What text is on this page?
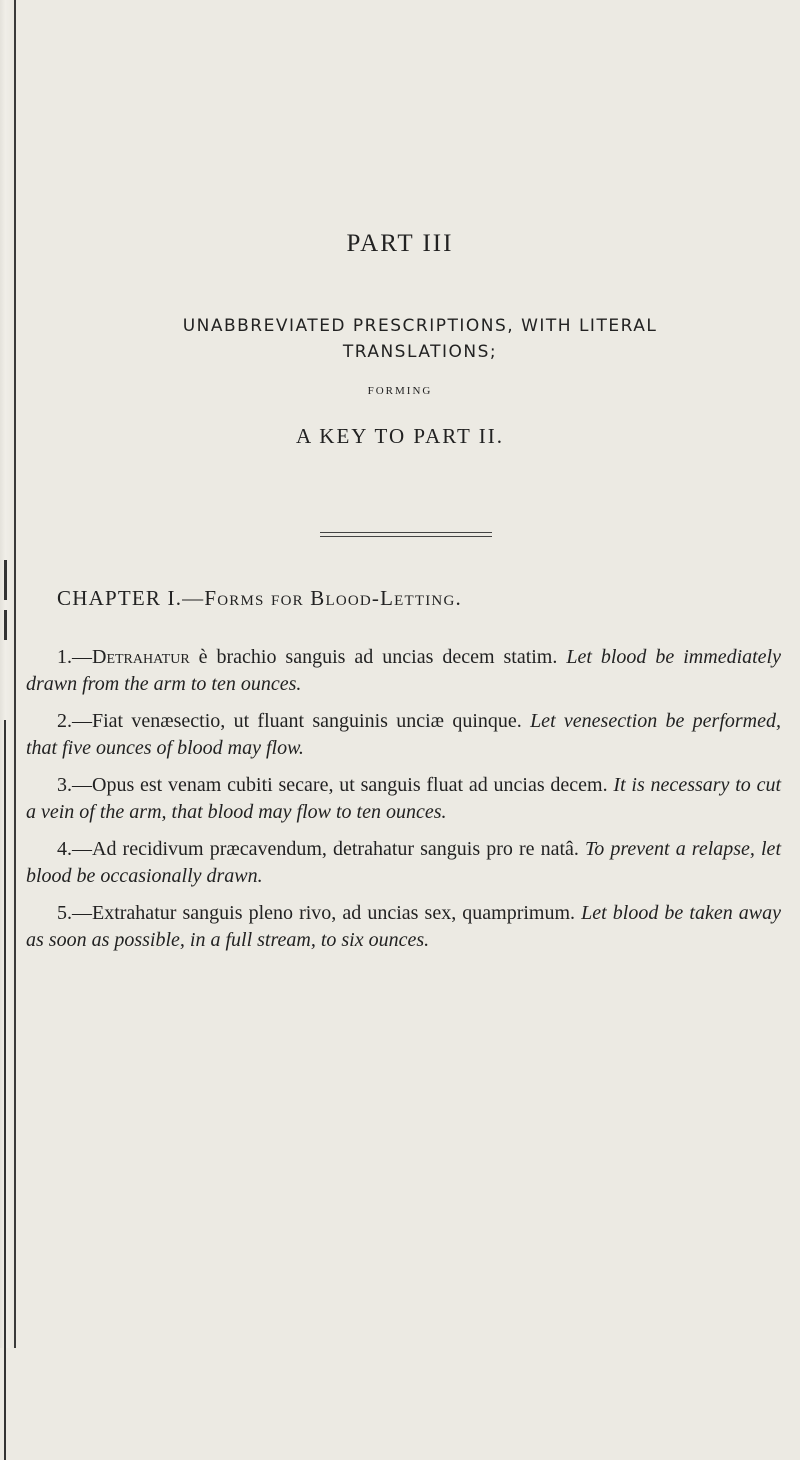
PART III
UNABBREVIATED PRESCRIPTIONS, WITH LITERAL
TRANSLATIONS;
FORMING
A KEY TO PART II.
CHAPTER I.—Forms for Blood-Letting.

1.—Detrahatur è brachio sanguis ad uncias decem statim. Let blood be immediately drawn from the arm to ten ounces.

2.—Fiat venæsectio, ut fluant sanguinis unciæ quinque. Let venesection be performed, that five ounces of blood may flow.

3.—Opus est venam cubiti secare, ut sanguis fluat ad uncias decem. It is necessary to cut a vein of the arm, that blood may flow to ten ounces.

4.—Ad recidivum præcavendum, detrahatur sanguis pro re natâ. To prevent a relapse, let blood be occasionally drawn.

5.—Extrahatur sanguis pleno rivo, ad uncias sex, quamprimum. Let blood be taken away as soon as possible, in a full stream, to six ounces.
